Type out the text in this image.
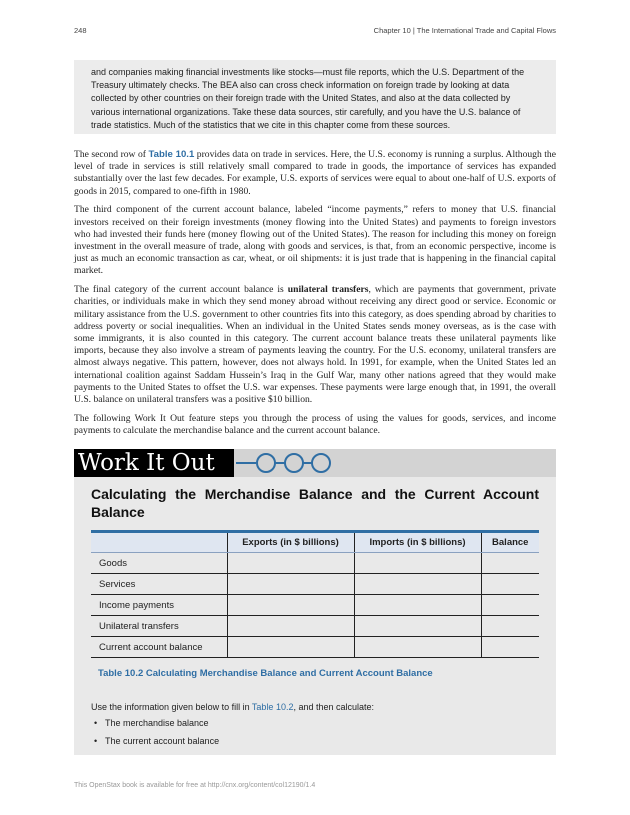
248	Chapter 10 | The International Trade and Capital Flows
and companies making financial investments like stocks—must file reports, which the U.S. Department of the Treasury ultimately checks. The BEA also can cross check information on foreign trade by looking at data collected by other countries on their foreign trade with the United States, and also at the data collected by various international organizations. Take these data sources, stir carefully, and you have the U.S. balance of trade statistics. Much of the statistics that we cite in this chapter come from these sources.

The second row of Table 10.1 provides data on trade in services. Here, the U.S. economy is running a surplus. Although the level of trade in services is still relatively small compared to trade in goods, the importance of services has expanded substantially over the last few decades. For example, U.S. exports of services were equal to about one-half of U.S. exports of goods in 2015, compared to one-fifth in 1980.

The third component of the current account balance, labeled “income payments,” refers to money that U.S. financial investors received on their foreign investments (money flowing into the United States) and payments to foreign investors who had invested their funds here (money flowing out of the United States). The reason for including this money on foreign investment in the overall measure of trade, along with goods and services, is that, from an economic perspective, income is just as much an economic transaction as car, wheat, or oil shipments: it is just trade that is happening in the financial capital market.

The final category of the current account balance is unilateral transfers, which are payments that government, private charities, or individuals make in which they send money abroad without receiving any direct good or service. Economic or military assistance from the U.S. government to other countries fits into this category, as does spending abroad by charities to address poverty or social inequalities. When an individual in the United States sends money overseas, as is the case with some immigrants, it is also counted in this category. The current account balance treats these unilateral payments like imports, because they also involve a stream of payments leaving the country. For the U.S. economy, unilateral transfers are almost always negative. This pattern, however, does not always hold. In 1991, for example, when the United States led an international coalition against Saddam Hussein’s Iraq in the Gulf War, many other nations agreed that they would make payments to the United States to offset the U.S. war expenses. These payments were large enough that, in 1991, the overall U.S. balance on unilateral transfers was a positive $10 billion.

The following Work It Out feature steps you through the process of using the values for goods, services, and income payments to calculate the merchandise balance and the current account balance.

Work It Out
Calculating the Merchandise Balance and the Current Account Balance
	Exports (in $ billions)	Imports (in $ billions)	Balance
Goods			
Services			
Income payments			
Unilateral transfers			
Current account balance			
Table 10.2 Calculating Merchandise Balance and Current Account Balance
Use the information given below to fill in Table 10.2, and then calculate:
• The merchandise balance
• The current account balance
This OpenStax book is available for free at http://cnx.org/content/col12190/1.4
